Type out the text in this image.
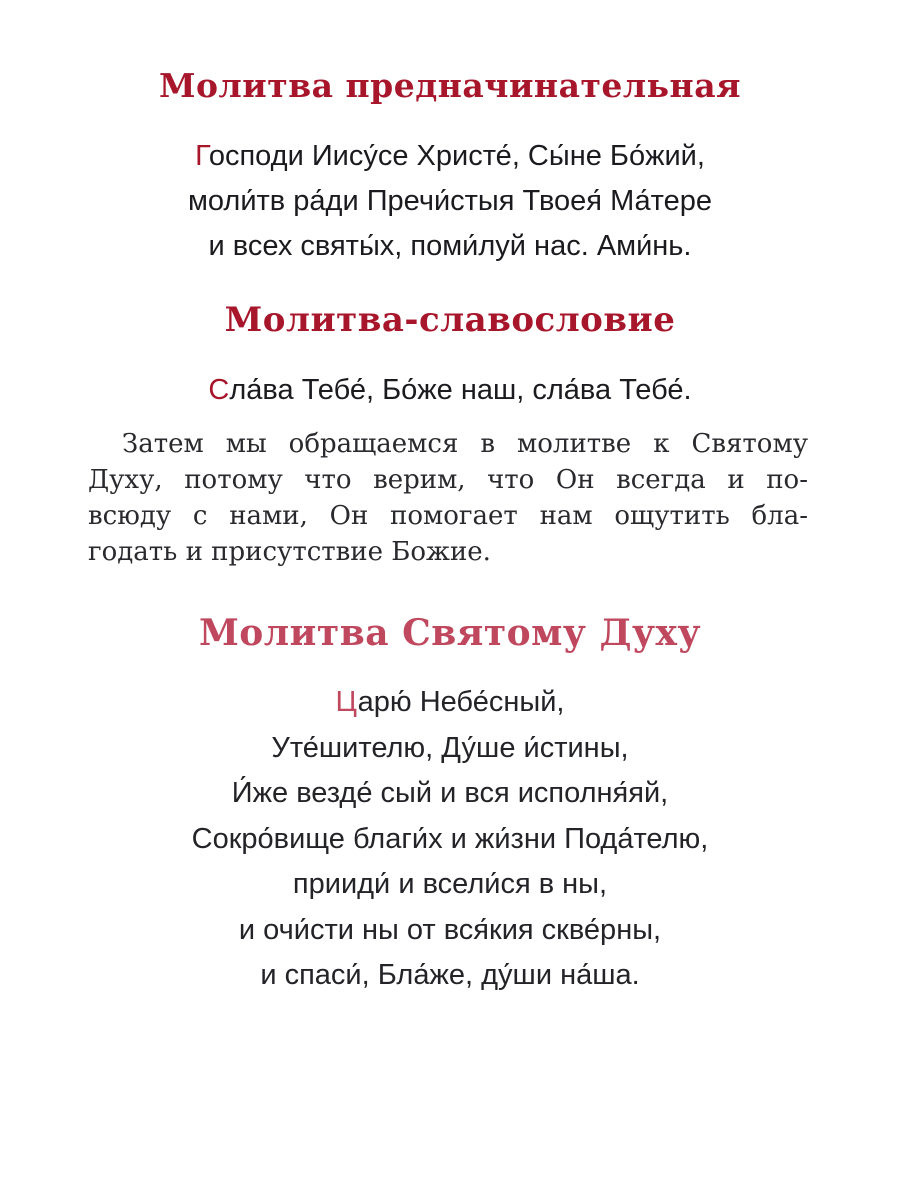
Молитва предначинательная
Господи Иису́се Христе́, Сы́не Бо́жий,
моли́тв ра́ди Пречи́стыя Твоея́ Ма́тере
и всех святы́х, поми́луй нас. Ами́нь.
Молитва-славословие
Сла́ва Тебе́, Бо́же наш, сла́ва Тебе́.
Затем мы обращаемся в молитве к Святому
Духу, потому что верим, что Он всегда и по-
всюду с нами, Он помогает нам ощутить бла-
годать и присутствие Божие.
Молитва Святому Духу
Царю́ Небе́сный,
Уте́шителю, Ду́ше и́стины,
И́же везде́ сый и вся исполня́яй,
Сокро́вище благи́х и жи́зни Пода́телю,
прииди́ и всели́ся в ны,
и очи́сти ны от вся́кия скве́рны,
и спаси́, Бла́же, ду́ши на́ша.
